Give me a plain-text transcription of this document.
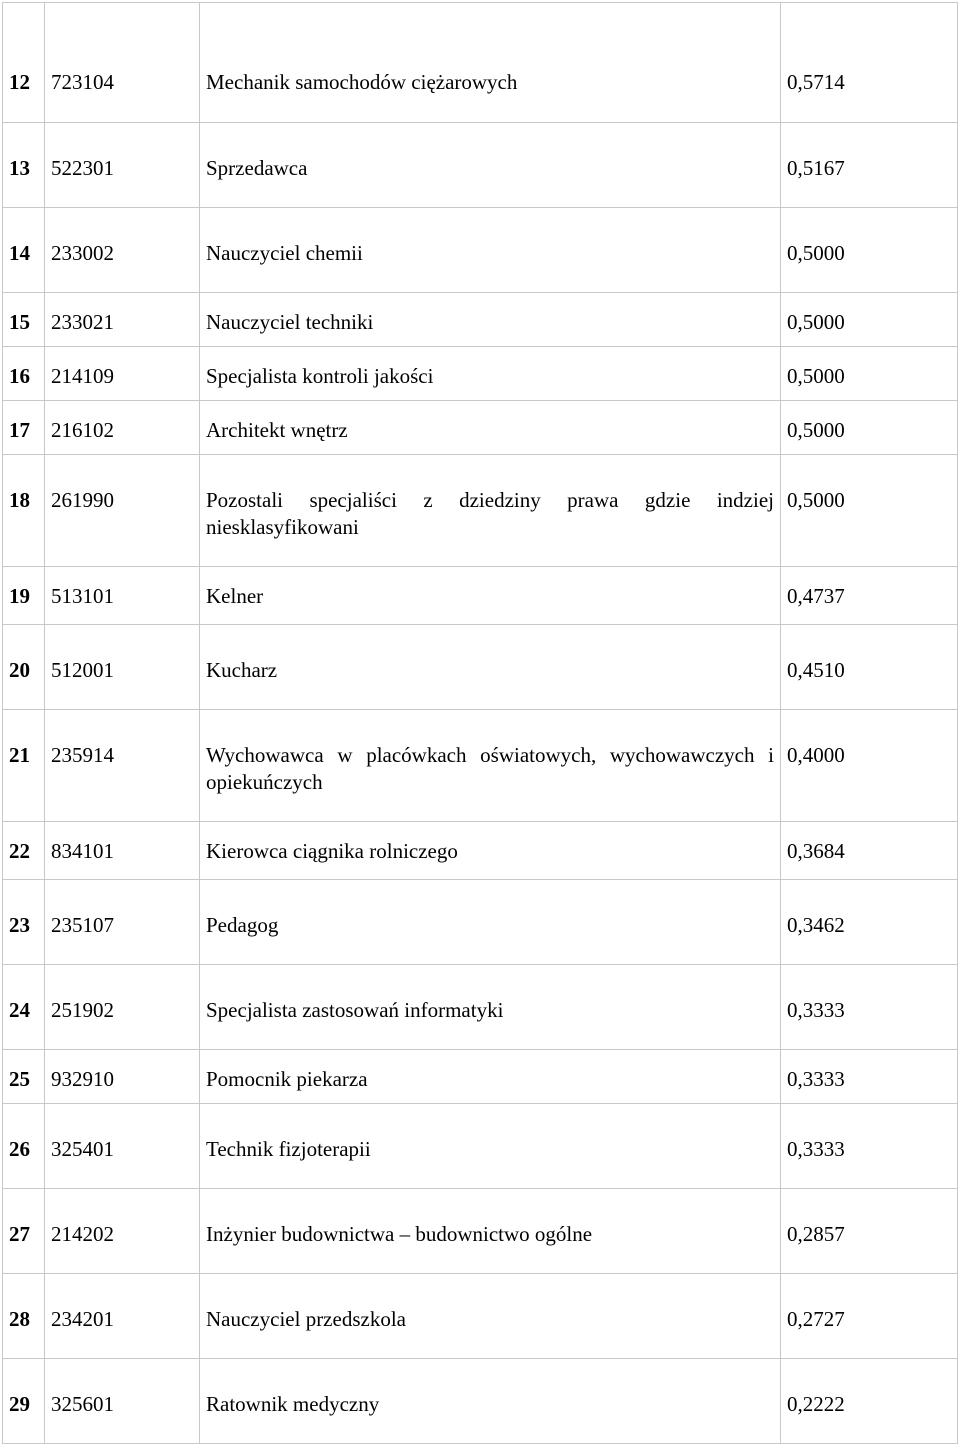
12	723104	Mechanik samochodów ciężarowych	0,5714

13	522301	Sprzedawca	0,5167

14	233002	Nauczyciel chemii	0,5000

15	233021	Nauczyciel techniki	0,5000

16	214109	Specjalista kontroli jakości	0,5000

17	216102	Architekt wnętrz	0,5000

18	261990	Pozostali specjaliści z dziedziny prawa gdzie indziej niesklasyfikowani	0,5000

19	513101	Kelner	0,4737

20	512001	Kucharz	0,4510

21	235914	Wychowawca w placówkach oświatowych, wychowawczych i opiekuńczych	0,4000

22	834101	Kierowca ciągnika rolniczego	0,3684

23	235107	Pedagog	0,3462

24	251902	Specjalista zastosowań informatyki	0,3333

25	932910	Pomocnik piekarza	0,3333

26	325401	Technik fizjoterapii	0,3333

27	214202	Inżynier budownictwa – budownictwo ogólne	0,2857

28	234201	Nauczyciel przedszkola	0,2727

29	325601	Ratownik medyczny	0,2222
